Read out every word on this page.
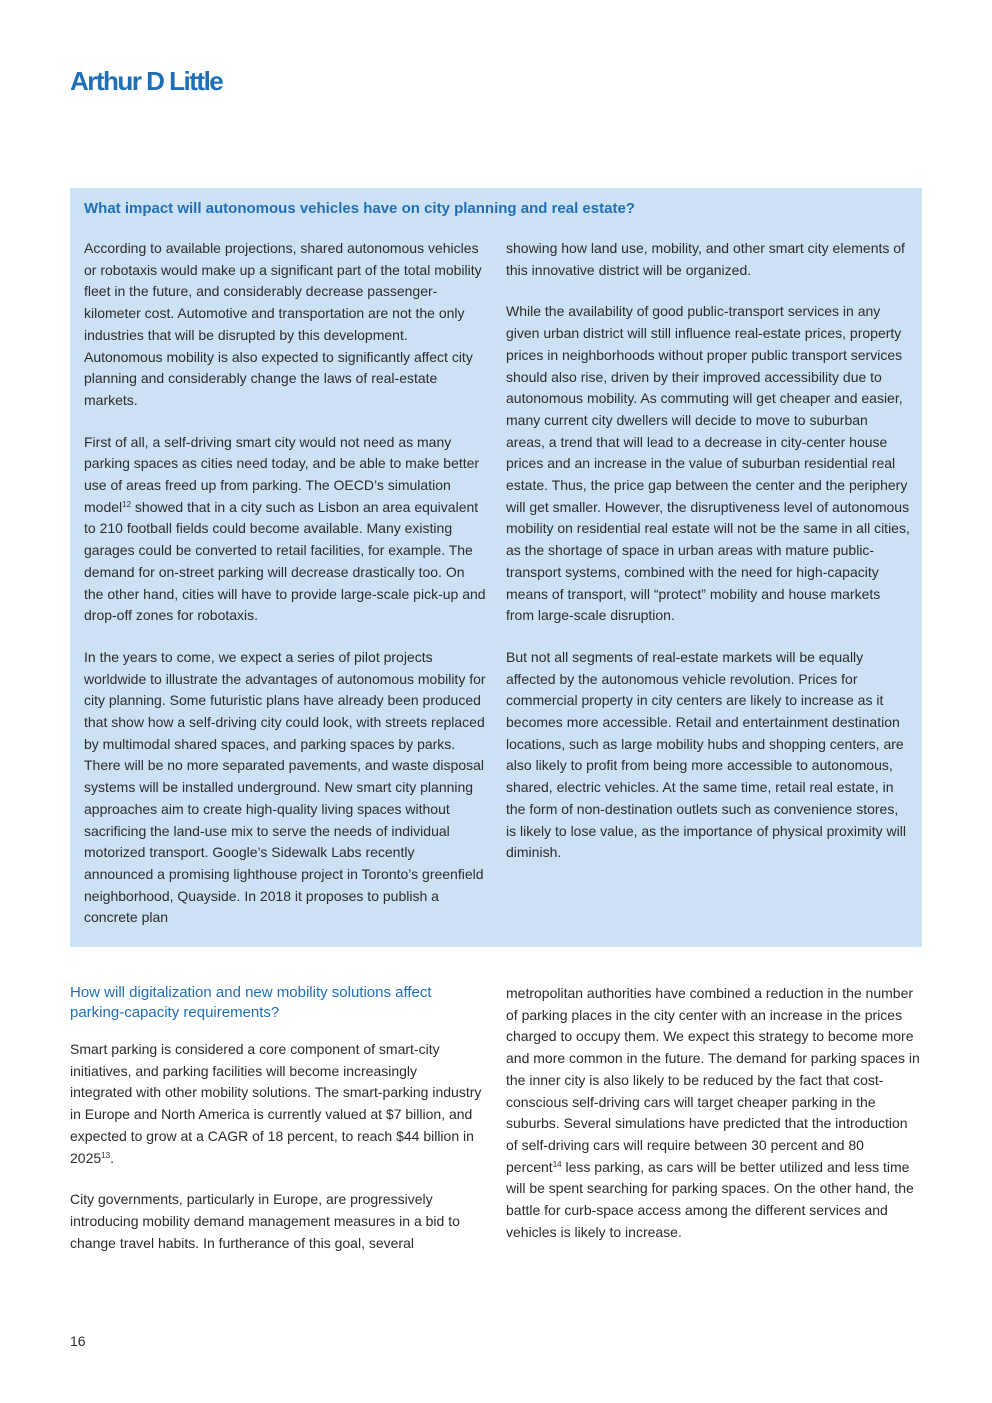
Arthur D Little
What impact will autonomous vehicles have on city planning and real estate?

According to available projections, shared autonomous vehicles or robotaxis would make up a significant part of the total mobility fleet in the future, and considerably decrease passenger-kilometer cost. Automotive and transportation are not the only industries that will be disrupted by this development. Autonomous mobility is also expected to significantly affect city planning and considerably change the laws of real-estate markets.

First of all, a self-driving smart city would not need as many parking spaces as cities need today, and be able to make better use of areas freed up from parking. The OECD’s simulation model$^{12}$ showed that in a city such as Lisbon an area equivalent to 210 football fields could become available. Many existing garages could be converted to retail facilities, for example. The demand for on-street parking will decrease drastically too. On the other hand, cities will have to provide large-scale pick-up and drop-off zones for robotaxis.

In the years to come, we expect a series of pilot projects worldwide to illustrate the advantages of autonomous mobility for city planning. Some futuristic plans have already been produced that show how a self-driving city could look, with streets replaced by multimodal shared spaces, and parking spaces by parks. There will be no more separated pavements, and waste disposal systems will be installed underground. New smart city planning approaches aim to create high-quality living spaces without sacrificing the land-use mix to serve the needs of individual motorized transport. Google’s Sidewalk Labs recently announced a promising lighthouse project in Toronto’s greenfield neighborhood, Quayside. In 2018 it proposes to publish a concrete plan

showing how land use, mobility, and other smart city elements of this innovative district will be organized.

While the availability of good public-transport services in any given urban district will still influence real-estate prices, property prices in neighborhoods without proper public transport services should also rise, driven by their improved accessibility due to autonomous mobility. As commuting will get cheaper and easier, many current city dwellers will decide to move to suburban areas, a trend that will lead to a decrease in city-center house prices and an increase in the value of suburban residential real estate. Thus, the price gap between the center and the periphery will get smaller. However, the disruptiveness level of autonomous mobility on residential real estate will not be the same in all cities, as the shortage of space in urban areas with mature public-transport systems, combined with the need for high-capacity means of transport, will “protect” mobility and house markets from large-scale disruption.

But not all segments of real-estate markets will be equally affected by the autonomous vehicle revolution. Prices for commercial property in city centers are likely to increase as it becomes more accessible. Retail and entertainment destination locations, such as large mobility hubs and shopping centers, are also likely to profit from being more accessible to autonomous, shared, electric vehicles. At the same time, retail real estate, in the form of non-destination outlets such as convenience stores, is likely to lose value, as the importance of physical proximity will diminish.

How will digitalization and new mobility solutions affect parking-capacity requirements?

Smart parking is considered a core component of smart-city initiatives, and parking facilities will become increasingly integrated with other mobility solutions. The smart-parking industry in Europe and North America is currently valued at $7 billion, and expected to grow at a CAGR of 18 percent, to reach $44 billion in 2025$^{13}$.

City governments, particularly in Europe, are progressively introducing mobility demand management measures in a bid to change travel habits. In furtherance of this goal, several

metropolitan authorities have combined a reduction in the number of parking places in the city center with an increase in the prices charged to occupy them. We expect this strategy to become more and more common in the future. The demand for parking spaces in the inner city is also likely to be reduced by the fact that cost-conscious self-driving cars will target cheaper parking in the suburbs. Several simulations have predicted that the introduction of self-driving cars will require between 30 percent and 80 percent$^{14}$ less parking, as cars will be better utilized and less time will be spent searching for parking spaces. On the other hand, the battle for curb-space access among the different services and vehicles is likely to increase.

16
